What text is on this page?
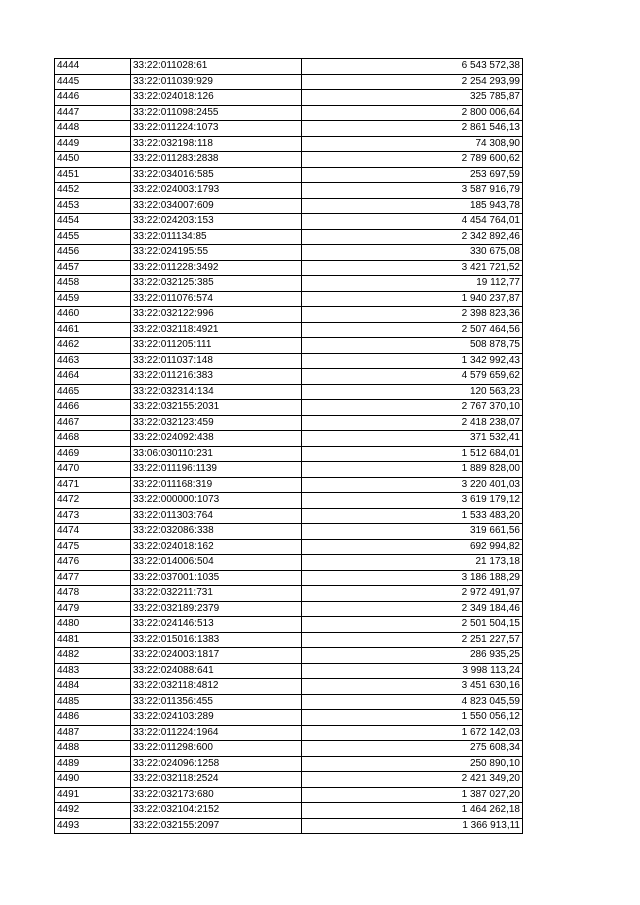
4444	33:22:011028:61	6 543 572,38
4445	33:22:011039:929	2 254 293,99
4446	33:22:024018:126	325 785,87
4447	33:22:011098:2455	2 800 006,64
4448	33:22:011224:1073	2 861 546,13
4449	33:22:032198:118	74 308,90
4450	33:22:011283:2838	2 789 600,62
4451	33:22:034016:585	253 697,59
4452	33:22:024003:1793	3 587 916,79
4453	33:22:034007:609	185 943,78
4454	33:22:024203:153	4 454 764,01
4455	33:22:011134:85	2 342 892,46
4456	33:22:024195:55	330 675,08
4457	33:22:011228:3492	3 421 721,52
4458	33:22:032125:385	19 112,77
4459	33:22:011076:574	1 940 237,87
4460	33:22:032122:996	2 398 823,36
4461	33:22:032118:4921	2 507 464,56
4462	33:22:011205:111	508 878,75
4463	33:22:011037:148	1 342 992,43
4464	33:22:011216:383	4 579 659,62
4465	33:22:032314:134	120 563,23
4466	33:22:032155:2031	2 767 370,10
4467	33:22:032123:459	2 418 238,07
4468	33:22:024092:438	371 532,41
4469	33:06:030110:231	1 512 684,01
4470	33:22:011196:1139	1 889 828,00
4471	33:22:011168:319	3 220 401,03
4472	33:22:000000:1073	3 619 179,12
4473	33:22:011303:764	1 533 483,20
4474	33:22:032086:338	319 661,56
4475	33:22:024018:162	692 994,82
4476	33:22:014006:504	21 173,18
4477	33:22:037001:1035	3 186 188,29
4478	33:22:032211:731	2 972 491,97
4479	33:22:032189:2379	2 349 184,46
4480	33:22:024146:513	2 501 504,15
4481	33:22:015016:1383	2 251 227,57
4482	33:22:024003:1817	286 935,25
4483	33:22:024088:641	3 998 113,24
4484	33:22:032118:4812	3 451 630,16
4485	33:22:011356:455	4 823 045,59
4486	33:22:024103:289	1 550 056,12
4487	33:22:011224:1964	1 672 142,03
4488	33:22:011298:600	275 608,34
4489	33:22:024096:1258	250 890,10
4490	33:22:032118:2524	2 421 349,20
4491	33:22:032173:680	1 387 027,20
4492	33:22:032104:2152	1 464 262,18
4493	33:22:032155:2097	1 366 913,11
